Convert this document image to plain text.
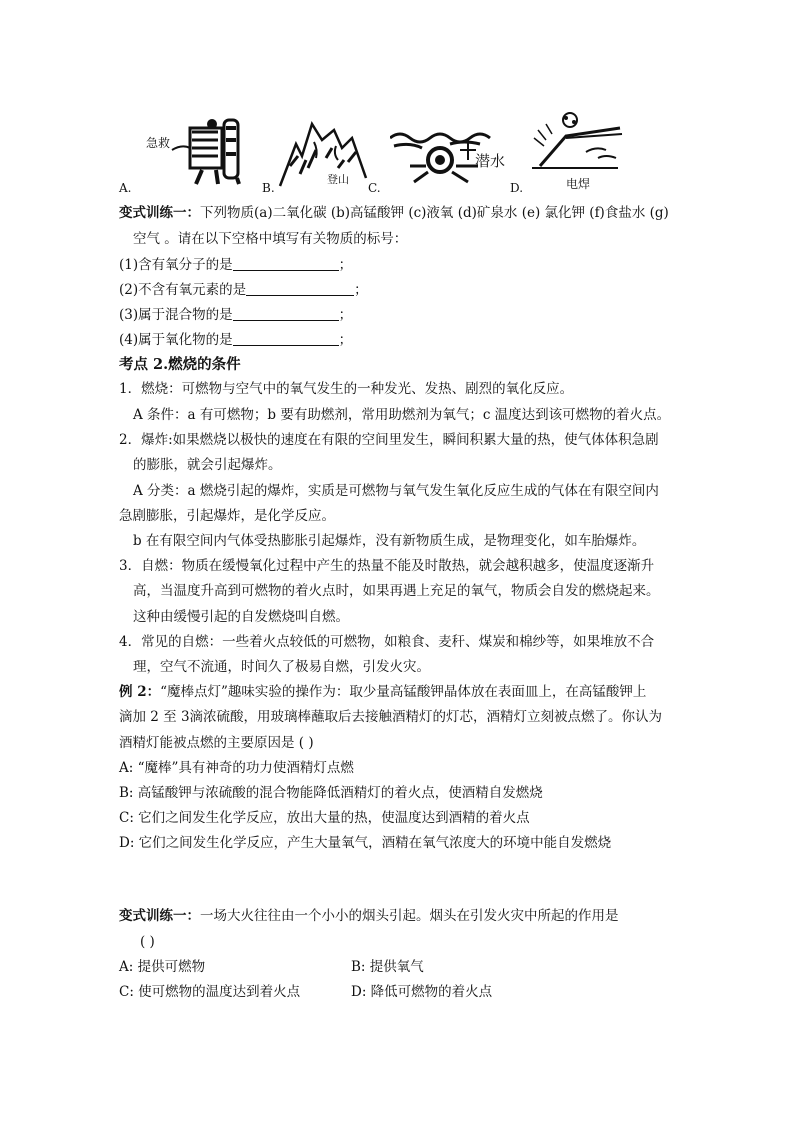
急救
A.
登山
B.
潜水
C.	电焊
D.
变式训练一：下列物质(a)二氧化碳 (b)高锰酸钾 (c)液氧 (d)矿泉水 (e) 氯化钾 (f)食盐水 (g)
空气 。请在以下空格中填写有关物质的标号：
(1)含有氧分子的是	；
(2)不含有氧元素的是	；
(3)属于混合物的是	；
(4)属于氧化物的是	；
考点 2.燃烧的条件
1．燃烧：可燃物与空气中的氧气发生的一种发光、发热、剧烈的氧化反应。
A 条件：a 有可燃物；b 要有助燃剂，常用助燃剂为氧气；c 温度达到该可燃物的着火点。
2．爆炸:如果燃烧以极快的速度在有限的空间里发生，瞬间积累大量的热，使气体体积急剧
的膨胀，就会引起爆炸。
A 分类：a 燃烧引起的爆炸，实质是可燃物与氧气发生氧化反应生成的气体在有限空间内
急剧膨胀，引起爆炸，是化学反应。
b 在有限空间内气体受热膨胀引起爆炸，没有新物质生成，是物理变化，如车胎爆炸。
3．自燃：物质在缓慢氧化过程中产生的热量不能及时散热，就会越积越多，使温度逐渐升
高，当温度升高到可燃物的着火点时，如果再遇上充足的氧气，物质会自发的燃烧起来。
这种由缓慢引起的自发燃烧叫自燃。
4．常见的自燃：一些着火点较低的可燃物，如粮食、麦秆、煤炭和棉纱等，如果堆放不合
理，空气不流通，时间久了极易自燃，引发火灾。
例 2：“魔棒点灯”趣味实验的操作为：取少量高锰酸钾晶体放在表面皿上，在高锰酸钾上
滴加 2 至 3滴浓硫酸，用玻璃棒蘸取后去接触酒精灯的灯芯，酒精灯立刻被点燃了。你认为
酒精灯能被点燃的主要原因是 ( )
A: “魔棒”具有神奇的功力使酒精灯点燃
B: 高锰酸钾与浓硫酸的混合物能降低酒精灯的着火点，使酒精自发燃烧
C: 它们之间发生化学反应，放出大量的热，使温度达到酒精的着火点
D: 它们之间发生化学反应，产生大量氧气，酒精在氧气浓度大的环境中能自发燃烧
变式训练一：一场大火往往由一个小小的烟头引起。烟头在引发火灾中所起的作用是
( )
A: 提供可燃物	B: 提供氧气
C: 使可燃物的温度达到着火点	D: 降低可燃物的着火点
